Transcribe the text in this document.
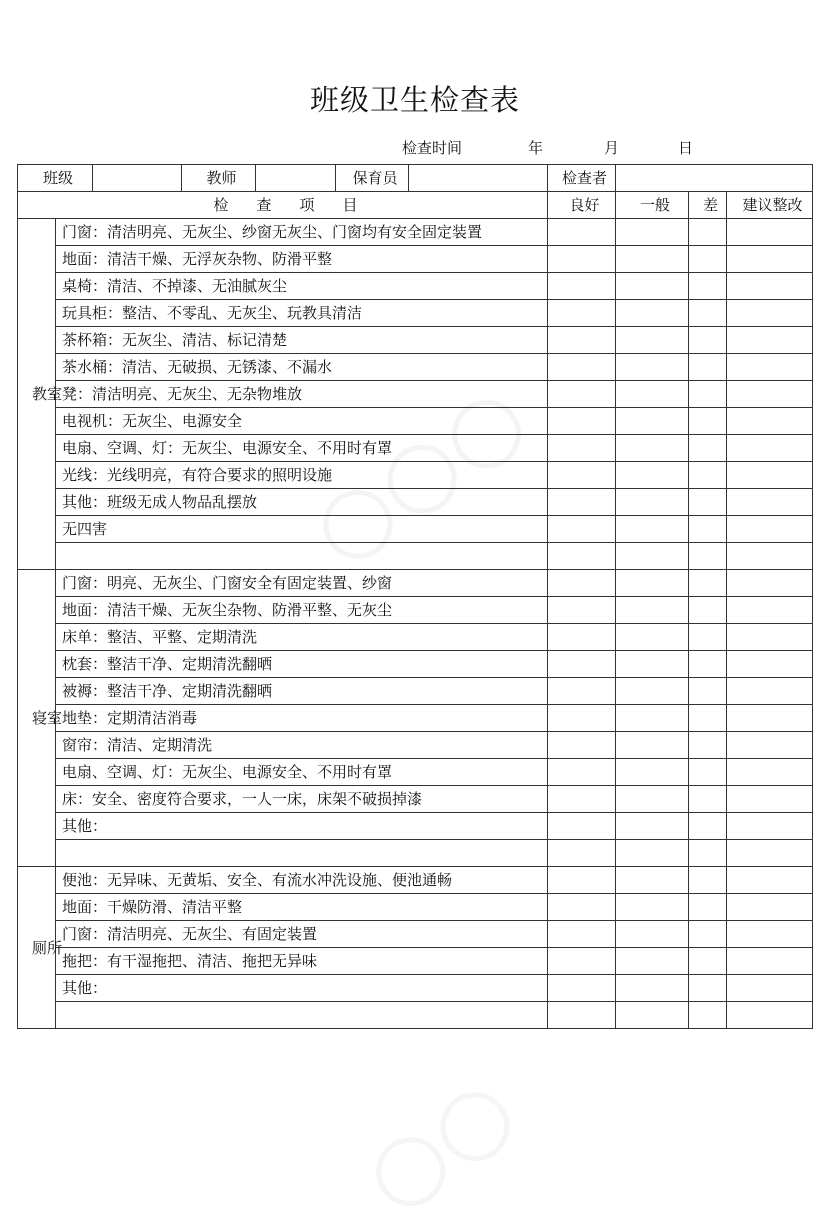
班级卫生检查表
检查时间	年	月	日
班级			教师		保育员		检查者			
检查项目							良好	一般	差	建议整改
教室	门窗：清洁明亮、无灰尘、纱窗无灰尘、门窗均有安全固定装置									
	地面：清洁干燥、无浮灰杂物、防滑平整									
	桌椅：清洁、不掉漆、无油腻灰尘									
	玩具柜：整洁、不零乱、无灰尘、玩教具清洁									
	茶杯箱：无灰尘、清洁、标记清楚									
	茶水桶：清洁、无破损、无锈漆、不漏水									
	凳：清洁明亮、无灰尘、无杂物堆放									
	电视机：无灰尘、电源安全									
	电扇、空调、灯：无灰尘、电源安全、不用时有罩									
	光线：光线明亮，有符合要求的照明设施									
	其他：班级无成人物品乱摆放									
	无四害									

寝室	门窗：明亮、无灰尘、门窗安全有固定装置、纱窗									
	地面：清洁干燥、无灰尘杂物、防滑平整、无灰尘									
	床单：整洁、平整、定期清洗									
	枕套：整洁干净、定期清洗翻晒									
	被褥：整洁干净、定期清洗翻晒									
	地垫：定期清洁消毒									
	窗帘：清洁、定期清洗									
	电扇、空调、灯：无灰尘、电源安全、不用时有罩									
	床：安全、密度符合要求，一人一床，床架不破损掉漆									
	其他：									

厕所	便池：无异味、无黄垢、安全、有流水冲洗设施、便池通畅									
	地面：干燥防滑、清洁平整									
	门窗：清洁明亮、无灰尘、有固定装置									
	拖把：有干湿拖把、清洁、拖把无异味									
	其他：									
